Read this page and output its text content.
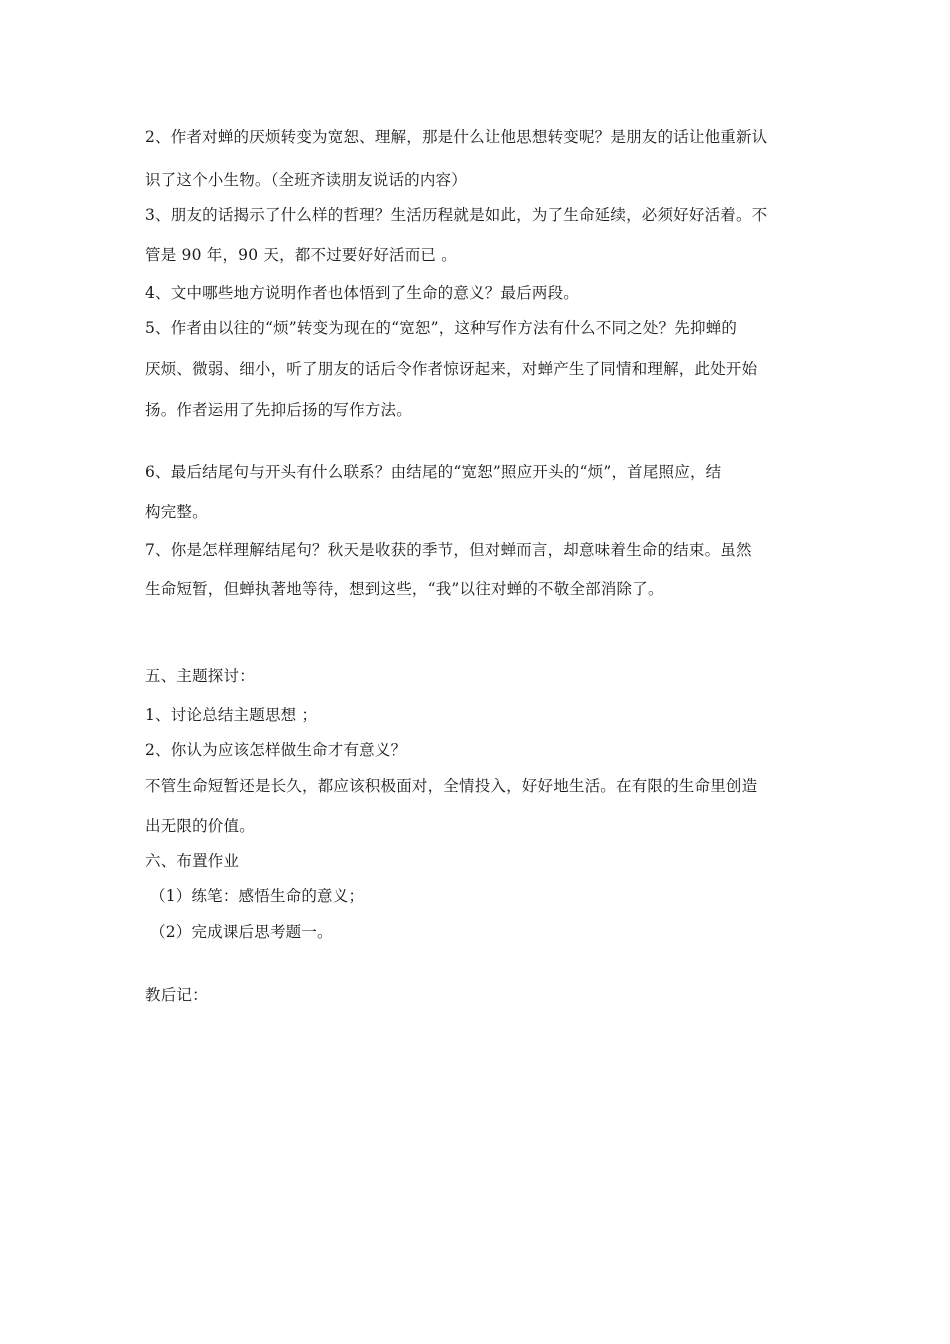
2、作者对蝉的厌烦转变为宽恕、理解，那是什么让他思想转变呢？是朋友的话让他重新认
识了这个小生物。（全班齐读朋友说话的内容）
3、朋友的话揭示了什么样的哲理？生活历程就是如此，为了生命延续，必须好好活着。不
管是 90 年，90 天，都不过要好好活而已 。
4、文中哪些地方说明作者也体悟到了生命的意义？最后两段。
5、作者由以往的“烦”转变为现在的“宽恕”，这种写作方法有什么不同之处？先抑蝉的
厌烦、微弱、细小，听了朋友的话后令作者惊讶起来，对蝉产生了同情和理解，此处开始
扬。作者运用了先抑后扬的写作方法。
6、最后结尾句与开头有什么联系？由结尾的“宽恕”照应开头的“烦”，首尾照应，结
构完整。
7、你是怎样理解结尾句？秋天是收获的季节，但对蝉而言，却意味着生命的结束。虽然
生命短暂，但蝉执著地等待，想到这些，“我”以往对蝉的不敬全部消除了。
五、主题探讨：
1、讨论总结主题思想 ；
2、你认为应该怎样做生命才有意义？
不管生命短暂还是长久，都应该积极面对，全情投入，好好地生活。在有限的生命里创造
出无限的价值。
六、布置作业
（1）练笔：感悟生命的意义；
（2）完成课后思考题一。
教后记：
